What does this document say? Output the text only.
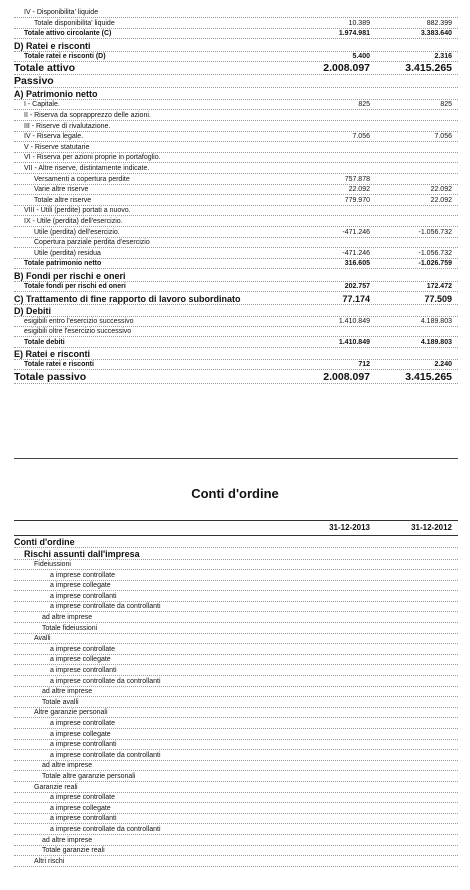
IV - Disponibilita' liquide
Totale disponibilita' liquide	10.389	882.399
Totale attivo circolante (C)	1.974.981	3.383.640
D) Ratei e risconti
Totale ratei e risconti (D)	5.400	2.316
Totale attivo	2.008.097	3.415.265
Passivo
A) Patrimonio netto
I - Capitale.	825	825
II - Riserva da soprapprezzo delle azioni.
III - Riserve di rivalutazione.
IV - Riserva legale.	7.056	7.056
V - Riserve statutarie
VI - Riserva per azioni proprie in portafoglio.
VII - Altre riserve, distintamente indicate.
Versamenti a copertura perdite	757.878
Varie altre riserve	22.092	22.092
Totale altre riserve	779.970	22.092
VIII - Utili (perdite) portati a nuovo.
IX - Utile (perdita) dell'esercizio.
Utile (perdita) dell'esercizio.	-471.246	-1.056.732
Copertura parziale perdita d'esercizio
Utile (perdita) residua	-471.246	-1.056.732
Totale patrimonio netto	316.605	-1.026.759
B) Fondi per rischi e oneri
Totale fondi per rischi ed oneri	202.757	172.472
C) Trattamento di fine rapporto di lavoro subordinato	77.174	77.509
D) Debiti
esigibili entro l'esercizio successivo	1.410.849	4.189.803
esigibili oltre l'esercizio successivo
Totale debiti	1.410.849	4.189.803
E) Ratei e risconti
Totale ratei e risconti	712	2.240
Totale passivo	2.008.097	3.415.265
Conti d'ordine
31-12-2013	31-12-2012
Conti d'ordine
Rischi assunti dall'impresa
Fideiussioni
a imprese controllate
a imprese collegate
a imprese controllanti
a imprese controllate da controllanti
ad altre imprese
Totale fideiussioni
Avalli
a imprese controllate
a imprese collegate
a imprese controllanti
a imprese controllate da controllanti
ad altre imprese
Totale avalli
Altre garanzie personali
a imprese controllate
a imprese collegate
a imprese controllanti
a imprese controllate da controllanti
ad altre imprese
Totale altre garanzie personali
Garanzie reali
a imprese controllate
a imprese collegate
a imprese controllanti
a imprese controllate da controllanti
ad altre imprese
Totale garanzie reali
Altri rischi
